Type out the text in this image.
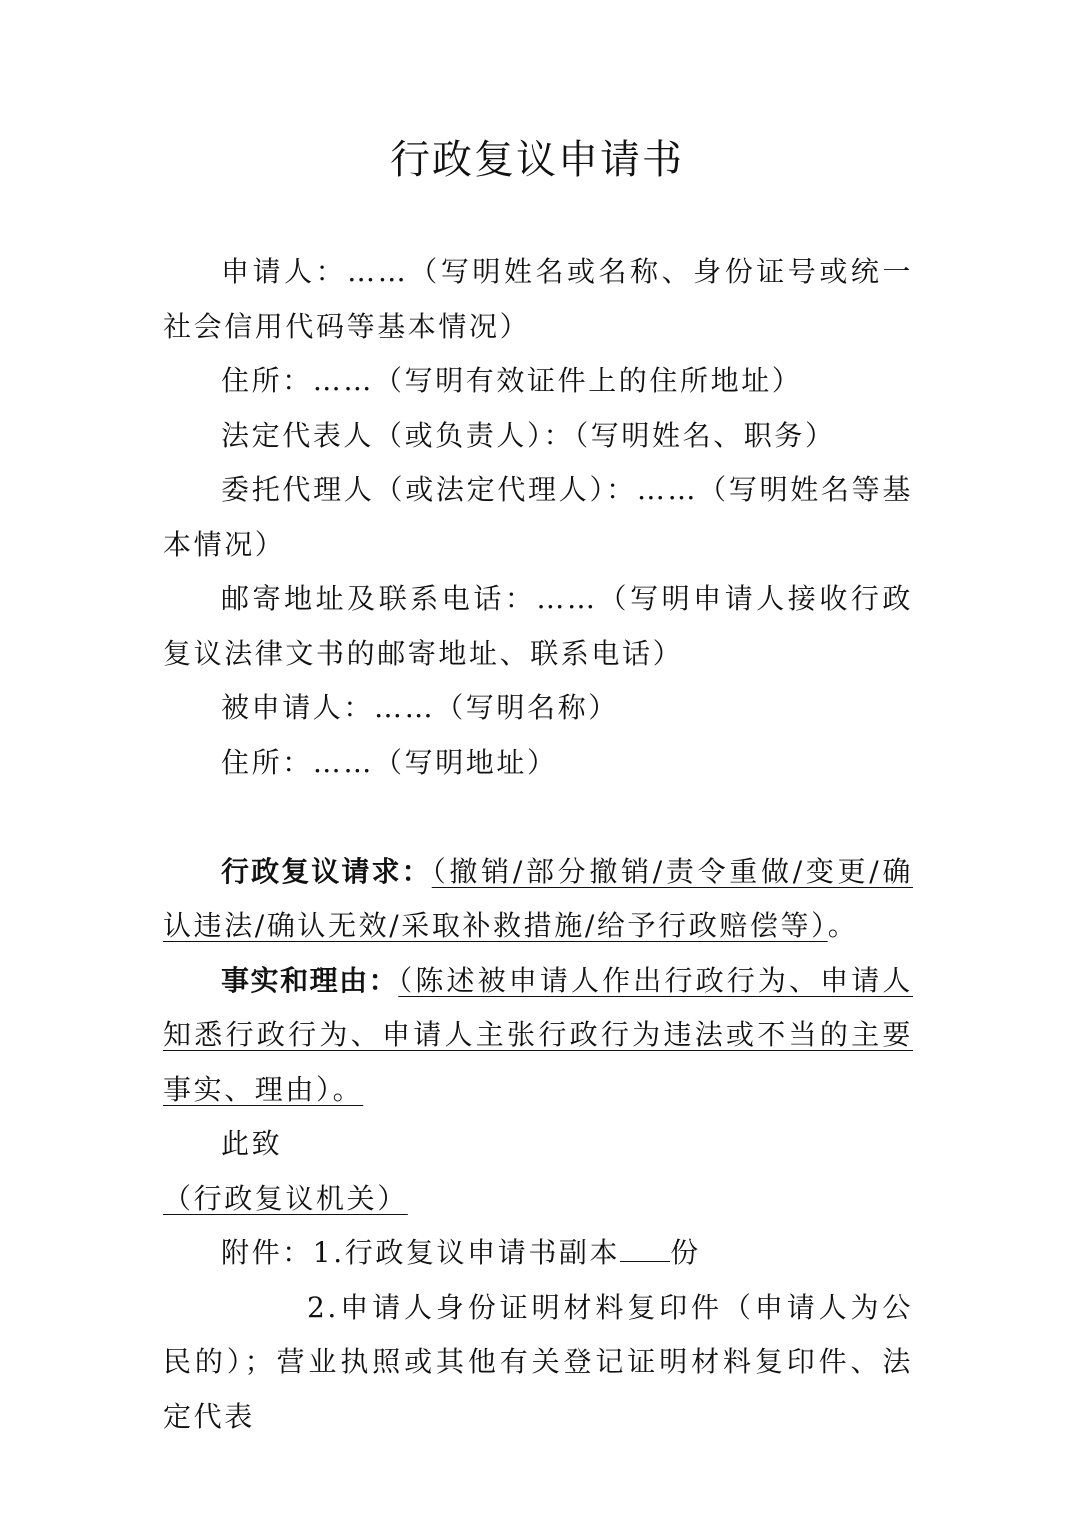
行政复议申请书

申请人：……（写明姓名或名称、身份证号或统一社会信用代码等基本情况）

住所：……（写明有效证件上的住所地址）

法定代表人（或负责人）：（写明姓名、职务）

委托代理人（或法定代理人）：……（写明姓名等基本情况）

邮寄地址及联系电话：……（写明申请人接收行政复议法律文书的邮寄地址、联系电话）

被申请人：……（写明名称）

住所：……（写明地址）

行政复议请求：（撤销/部分撤销/责令重做/变更/确认违法/确认无效/采取补救措施/给予行政赔偿等）。

事实和理由：（陈述被申请人作出行政行为、申请人知悉行政行为、申请人主张行政行为违法或不当的主要事实、理由）。

此致

（行政复议机关）

附件：1.行政复议申请书副本 份

2.申请人身份证明材料复印件（申请人为公民的）；营业执照或其他有关登记证明材料复印件、法定代表
